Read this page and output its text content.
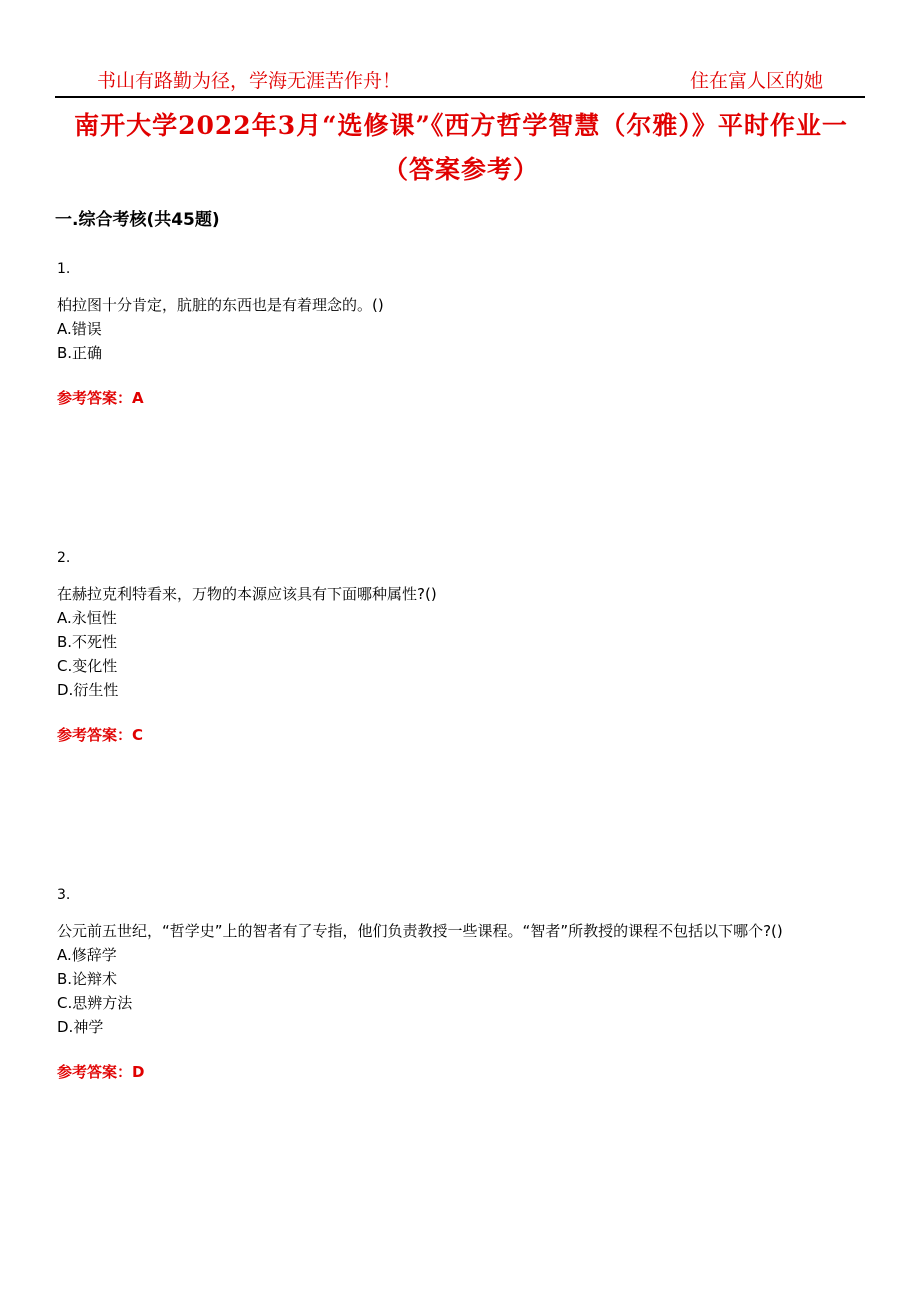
书山有路勤为径，学海无涯苦作舟！	住在富人区的她
南开大学2022年3月“选修课”《西方哲学智慧（尔雅）》平时作业一（答案参考）
一.综合考核(共45题)
1.
柏拉图十分肯定，肮脏的东西也是有着理念的。()
A.错误
B.正确
参考答案：A
2.
在赫拉克利特看来，万物的本源应该具有下面哪种属性?()
A.永恒性
B.不死性
C.变化性
D.衍生性
参考答案：C
3.
公元前五世纪，“哲学史”上的智者有了专指，他们负责教授一些课程。“智者”所教授的课程不包括以下哪个?()
A.修辞学
B.论辩术
C.思辨方法
D.神学
参考答案：D
